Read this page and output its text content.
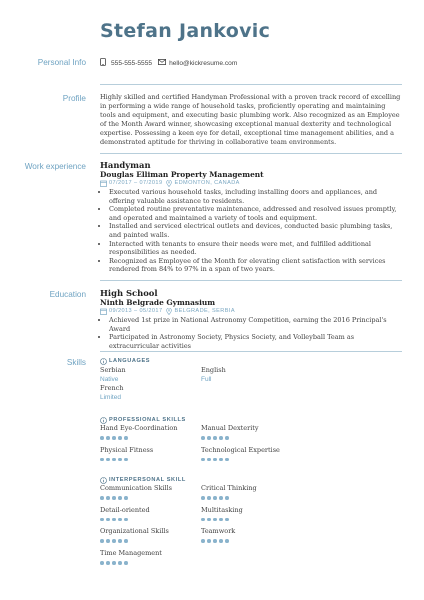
Stefan Jankovic
Personal Info	555-555-5555	hello@kickresume.com
Profile Highly skilled and certified Handyman Professional with a proven track record of excelling in performing a wide range of household tasks, proficiently operating and maintaining tools and equipment, and executing basic plumbing work. Also recognized as an Employee of the Month Award winner, showcasing exceptional manual dexterity and technological expertise. Possessing a keen eye for detail, exceptional time management abilities, and a demonstrated aptitude for thriving in collaborative team environments.

Work experience Handyman
Douglas Elliman Property Management
07/2017 – 07/2019 EDMONTON, CANADA
• Executed various household tasks, including installing doors and appliances, and offering valuable assistance to residents.
• Completed routine preventative maintenance, addressed and resolved issues promptly, and operated and maintained a variety of tools and equipment.
• Installed and serviced electrical outlets and devices, conducted basic plumbing tasks, and painted walls.
• Interacted with tenants to ensure their needs were met, and fulfilled additional responsibilities as needed.
• Recognized as Employee of the Month for elevating client satisfaction with services rendered from 84% to 97% in a span of two years.
Education High School
Ninth Belgrade Gymnasium
09/2013 – 05/2017 BELGRADE, SERBIA
• Achieved 1st prize in National Astronomy Competition, earning the 2016 Principal's Award
• Participated in Astronomy Society, Physics Society, and Volleyball Team as extracurricular activities
Skills	LANGUAGES
Serbian
Native
English
Full
French
Limited
PROFESSIONAL SKILLS
Hand Eye-Coordination	Manual Dexterity
Physical Fitness	Technological Expertise
INTERPERSONAL SKILL
Communication Skills	Critical Thinking
Detail-oriented	Multitasking
Organizational Skills	Teamwork
Time Management
